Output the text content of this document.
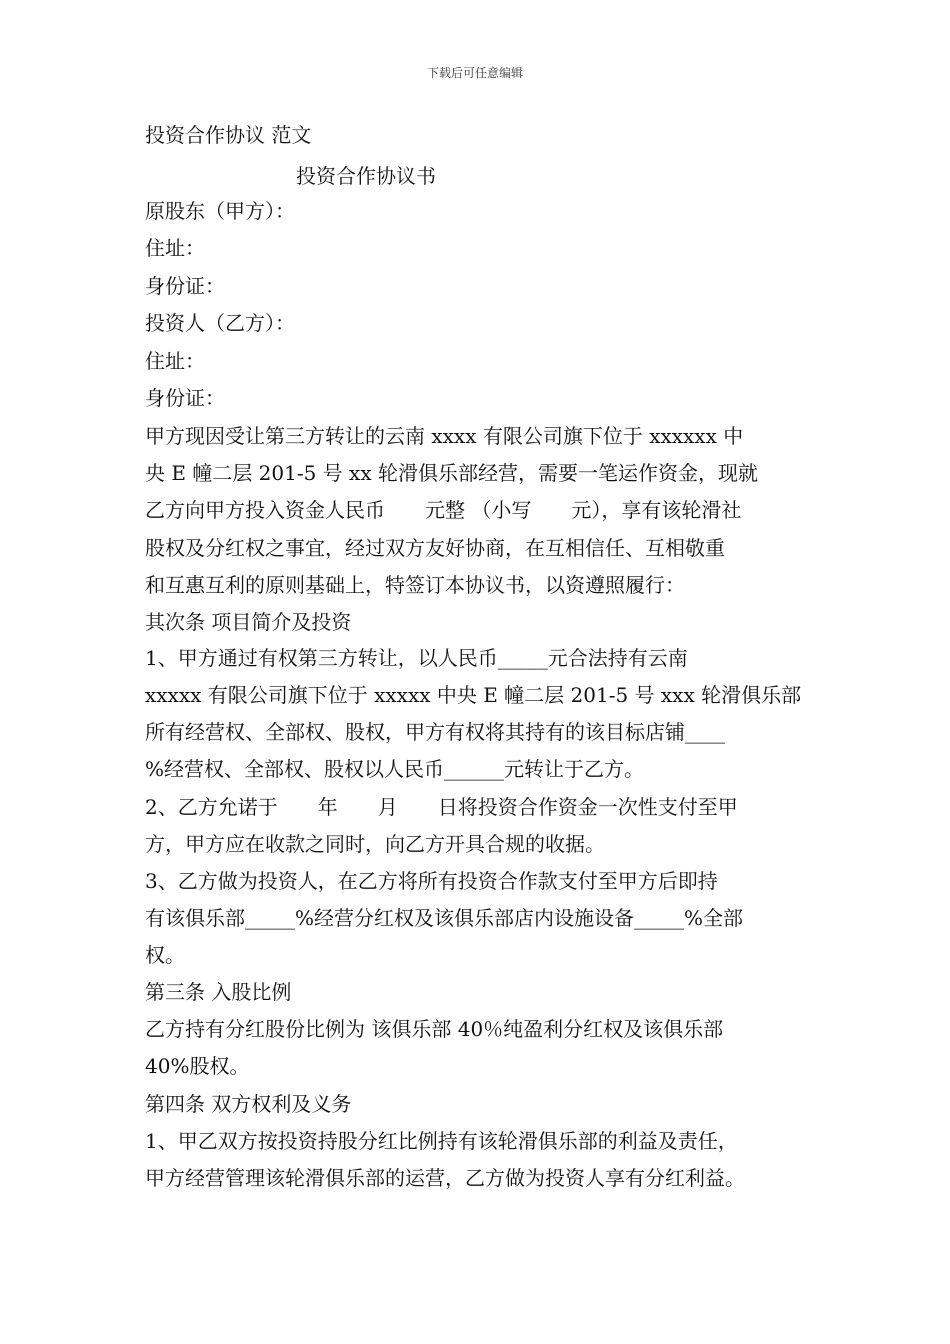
下载后可任意编辑
投资合作协议 范文
投资合作协议书
原股东（甲方）：
住址：
身份证：
投资人（乙方）：
住址：
身份证：
甲方现因受让第三方转让的云南 xxxx 有限公司旗下位于 xxxxxx 中
央 E 幢二层 201-5 号 xx 轮滑俱乐部经营，需要一笔运作资金，现就
乙方向甲方投入资金人民币　　元整 （小写　　元），享有该轮滑社
股权及分红权之事宜，经过双方友好协商，在互相信任、互相敬重
和互惠互利的原则基础上，特签订本协议书，以资遵照履行：
其次条 项目简介及投资
1、甲方通过有权第三方转让，以人民币_____元合法持有云南
xxxxx 有限公司旗下位于 xxxxx 中央 E 幢二层 201-5 号 xxx 轮滑俱乐部
所有经营权、全部权、股权，甲方有权将其持有的该目标店铺____
%经营权、全部权、股权以人民币______元转让于乙方。
2、乙方允诺于　　年　　月　　日将投资合作资金一次性支付至甲
方，甲方应在收款之同时，向乙方开具合规的收据。
3、乙方做为投资人，在乙方将所有投资合作款支付至甲方后即持
有该俱乐部_____%经营分红权及该俱乐部店内设施设备_____%全部
权。
第三条 入股比例
乙方持有分红股份比例为 该俱乐部 40％纯盈利分红权及该俱乐部
40%股权。
第四条 双方权利及义务
1、甲乙双方按投资持股分红比例持有该轮滑俱乐部的利益及责任，
甲方经营管理该轮滑俱乐部的运营，乙方做为投资人享有分红利益。
